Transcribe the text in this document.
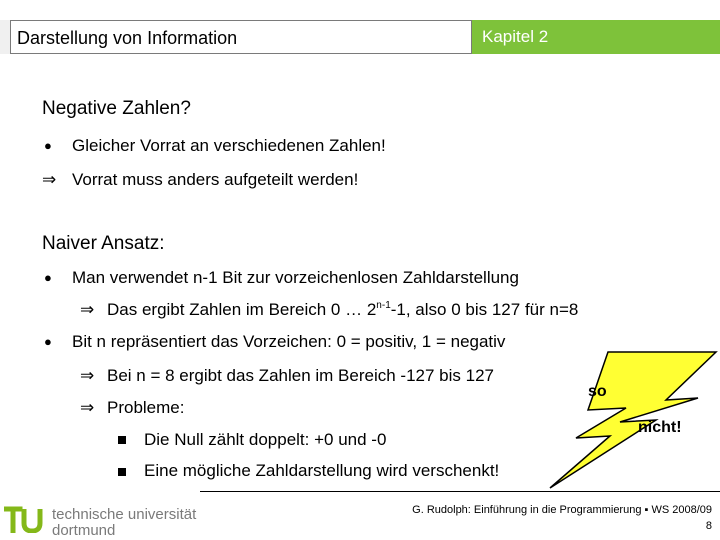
Darstellung von Information	Kapitel 2
Negative Zahlen?
● Gleicher Vorrat an verschiedenen Zahlen!
⇒ Vorrat muss anders aufgeteilt werden!
Naiver Ansatz:
● Man verwendet n-1 Bit zur vorzeichenlosen Zahldarstellung
⇒ Das ergibt Zahlen im Bereich 0 … 2$^{n-1}$-1, also 0 bis 127 für n=8
● Bit n repräsentiert das Vorzeichen: 0 = positiv, 1 = negativ
⇒ Bei n = 8 ergibt das Zahlen im Bereich -127 bis 127
⇒ Probleme:
Die Null zählt doppelt: +0 und -0
Eine mögliche Zahldarstellung wird verschenkt!
so
nicht!
technische universität
dortmund
G. Rudolph: Einführung in die Programmierung ▪ WS 2008/09
8
